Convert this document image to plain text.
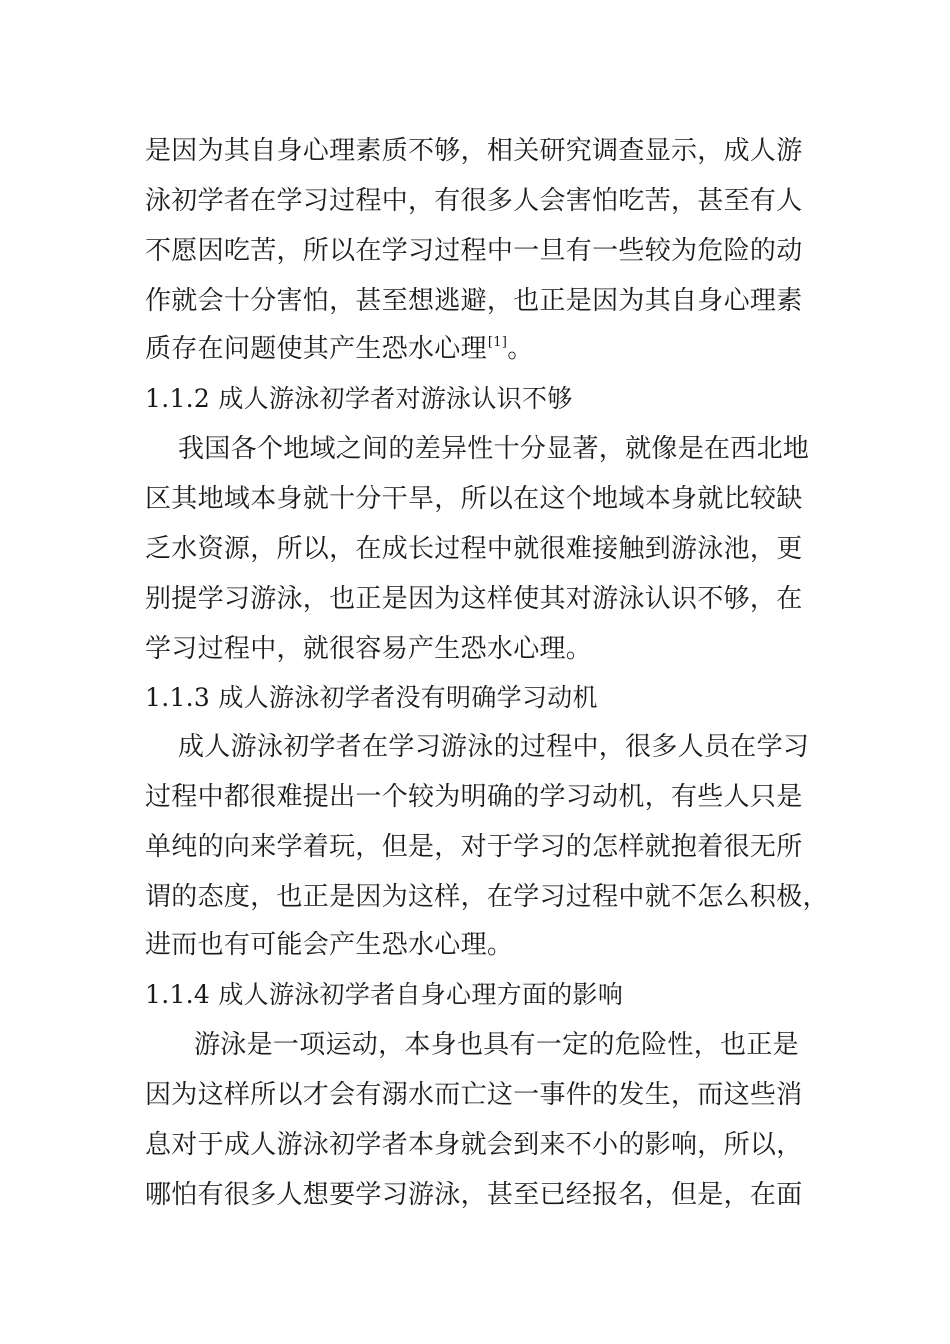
是因为其自身心理素质不够，相关研究调查显示，成人游
泳初学者在学习过程中，有很多人会害怕吃苦，甚至有人
不愿因吃苦，所以在学习过程中一旦有一些较为危险的动
作就会十分害怕，甚至想逃避，也正是因为其自身心理素
质存在问题使其产生恐水心理[1]。
1.1.2 成人游泳初学者对游泳认识不够
我国各个地域之间的差异性十分显著，就像是在西北地
区其地域本身就十分干旱，所以在这个地域本身就比较缺
乏水资源，所以，在成长过程中就很难接触到游泳池，更
别提学习游泳，也正是因为这样使其对游泳认识不够，在
学习过程中，就很容易产生恐水心理。
1.1.3 成人游泳初学者没有明确学习动机
成人游泳初学者在学习游泳的过程中，很多人员在学习
过程中都很难提出一个较为明确的学习动机，有些人只是
单纯的向来学着玩，但是，对于学习的怎样就抱着很无所
谓的态度，也正是因为这样，在学习过程中就不怎么积极，
进而也有可能会产生恐水心理。
1.1.4 成人游泳初学者自身心理方面的影响
游泳是一项运动，本身也具有一定的危险性，也正是
因为这样所以才会有溺水而亡这一事件的发生，而这些消
息对于成人游泳初学者本身就会到来不小的影响，所以，
哪怕有很多人想要学习游泳，甚至已经报名，但是，在面
